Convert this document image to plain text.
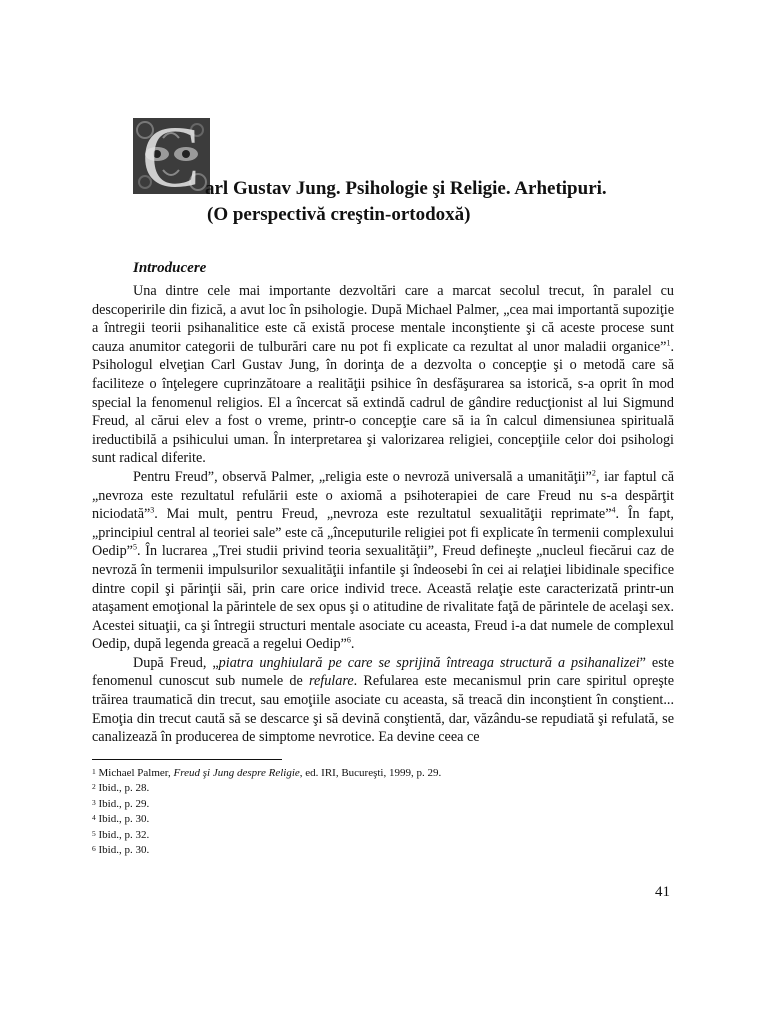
C arl Gustav Jung. Psihologie şi Religie. Arhetipuri.
(O perspectivă creştin-ortodoxă)
Introducere

Una dintre cele mai importante dezvoltări care a marcat secolul trecut, în paralel cu descoperirile din fizică, a avut loc în psihologie. După Michael Palmer, „cea mai importantă supoziţie a întregii teorii psihanalitice este că există procese mentale inconştiente şi că aceste procese sunt cauza anumitor categorii de tulburări care nu pot fi explicate ca rezultat al unor maladii organice”$^1$. Psihologul elveţian Carl Gustav Jung, în dorinţa de a dezvolta o concepţie şi o metodă care să faciliteze o înţelegere cuprinzătoare a realităţii psihice în desfăşurarea sa istorică, s-a oprit în mod special la fenomenul religios. El a încercat să extindă cadrul de gândire reducţionist al lui Sigmund Freud, al cărui elev a fost o vreme, printr-o concepţie care să ia în calcul dimensiunea spirituală ireductibilă a psihicului uman. În interpretarea şi valorizarea religiei, concepţiile celor doi psihologi sunt radical diferite.

Pentru Freud”, observă Palmer, „religia este o nevroză universală a umanităţii”$^2$, iar faptul că „nevroza este rezultatul refulării este o axiomă a psihoterapiei de care Freud nu s-a despărţit niciodată”$^3$. Mai mult, pentru Freud, „nevroza este rezultatul sexualităţii reprimate”$^4$. În fapt, „principiul central al teoriei sale” este că „începuturile religiei pot fi explicate în termenii complexului Oedip”$^5$. În lucrarea „Trei studii privind teoria sexualităţii”, Freud defineşte „nucleul fiecărui caz de nevroză în termenii impulsurilor sexualităţii infantile şi îndeosebi în cei ai relaţiei libidinale specifice dintre copil şi părinţii săi, prin care orice individ trece. Această relaţie este caracterizată printr-un ataşament emoţional la părintele de sex opus şi o atitudine de rivalitate faţă de părintele de acelaşi sex. Acestei situaţii, ca şi întregii structuri mentale asociate cu aceasta, Freud i-a dat numele de complexul Oedip, după legenda greacă a regelui Oedip”$^6$.

După Freud, „piatra unghiulară pe care se sprijină întreaga structură a psihanalizei” este fenomenul cunoscut sub numele de refulare. Refularea este mecanismul prin care spiritul opreşte trăirea traumatică din trecut, sau emoţiile asociate cu aceasta, să treacă din inconştient în conştient... Emoţia din trecut caută să se descarce şi să devină conştientă, dar, văzându-se repudiată şi refulată, se canalizează în producerea de simptome nevrotice. Ea devine ceea ce

$^1$ Michael Palmer, Freud şi Jung despre Religie, ed. IRI, Bucureşti, 1999, p. 29.
$^2$ Ibid., p. 28.
$^3$ Ibid., p. 29.
$^4$ Ibid., p. 30.
$^5$ Ibid., p. 32.
$^6$ Ibid., p. 30.
41
